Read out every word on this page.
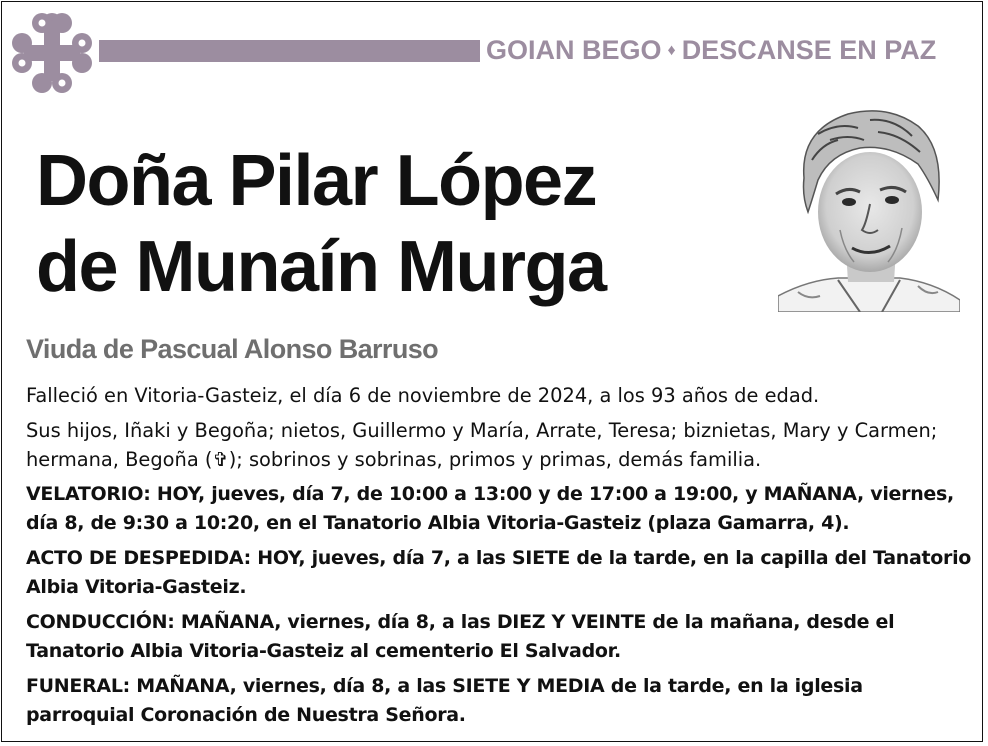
GOIAN BEGO ♦ DESCANSE EN PAZ
Doña Pilar López
de Munaín Murga
Viuda de Pascual Alonso Barruso

Falleció en Vitoria-Gasteiz, el día 6 de noviembre de 2024, a los 93 años de edad.

Sus hijos, Iñaki y Begoña; nietos, Guillermo y María, Arrate, Teresa; biznietas, Mary y Carmen; hermana, Begoña (✞); sobrinos y sobrinas, primos y primas, demás familia.

VELATORIO: HOY, jueves, día 7, de 10:00 a 13:00 y de 17:00 a 19:00, y MAÑANA, viernes, día 8, de 9:30 a 10:20, en el Tanatorio Albia Vitoria-Gasteiz (plaza Gamarra, 4).

ACTO DE DESPEDIDA: HOY, jueves, día 7, a las SIETE de la tarde, en la capilla del Tanatorio Albia Vitoria-Gasteiz.

CONDUCCIÓN: MAÑANA, viernes, día 8, a las DIEZ Y VEINTE de la mañana, desde el Tanatorio Albia Vitoria-Gasteiz al cementerio El Salvador.

FUNERAL: MAÑANA, viernes, día 8, a las SIETE Y MEDIA de la tarde, en la iglesia parroquial Coronación de Nuestra Señora.
